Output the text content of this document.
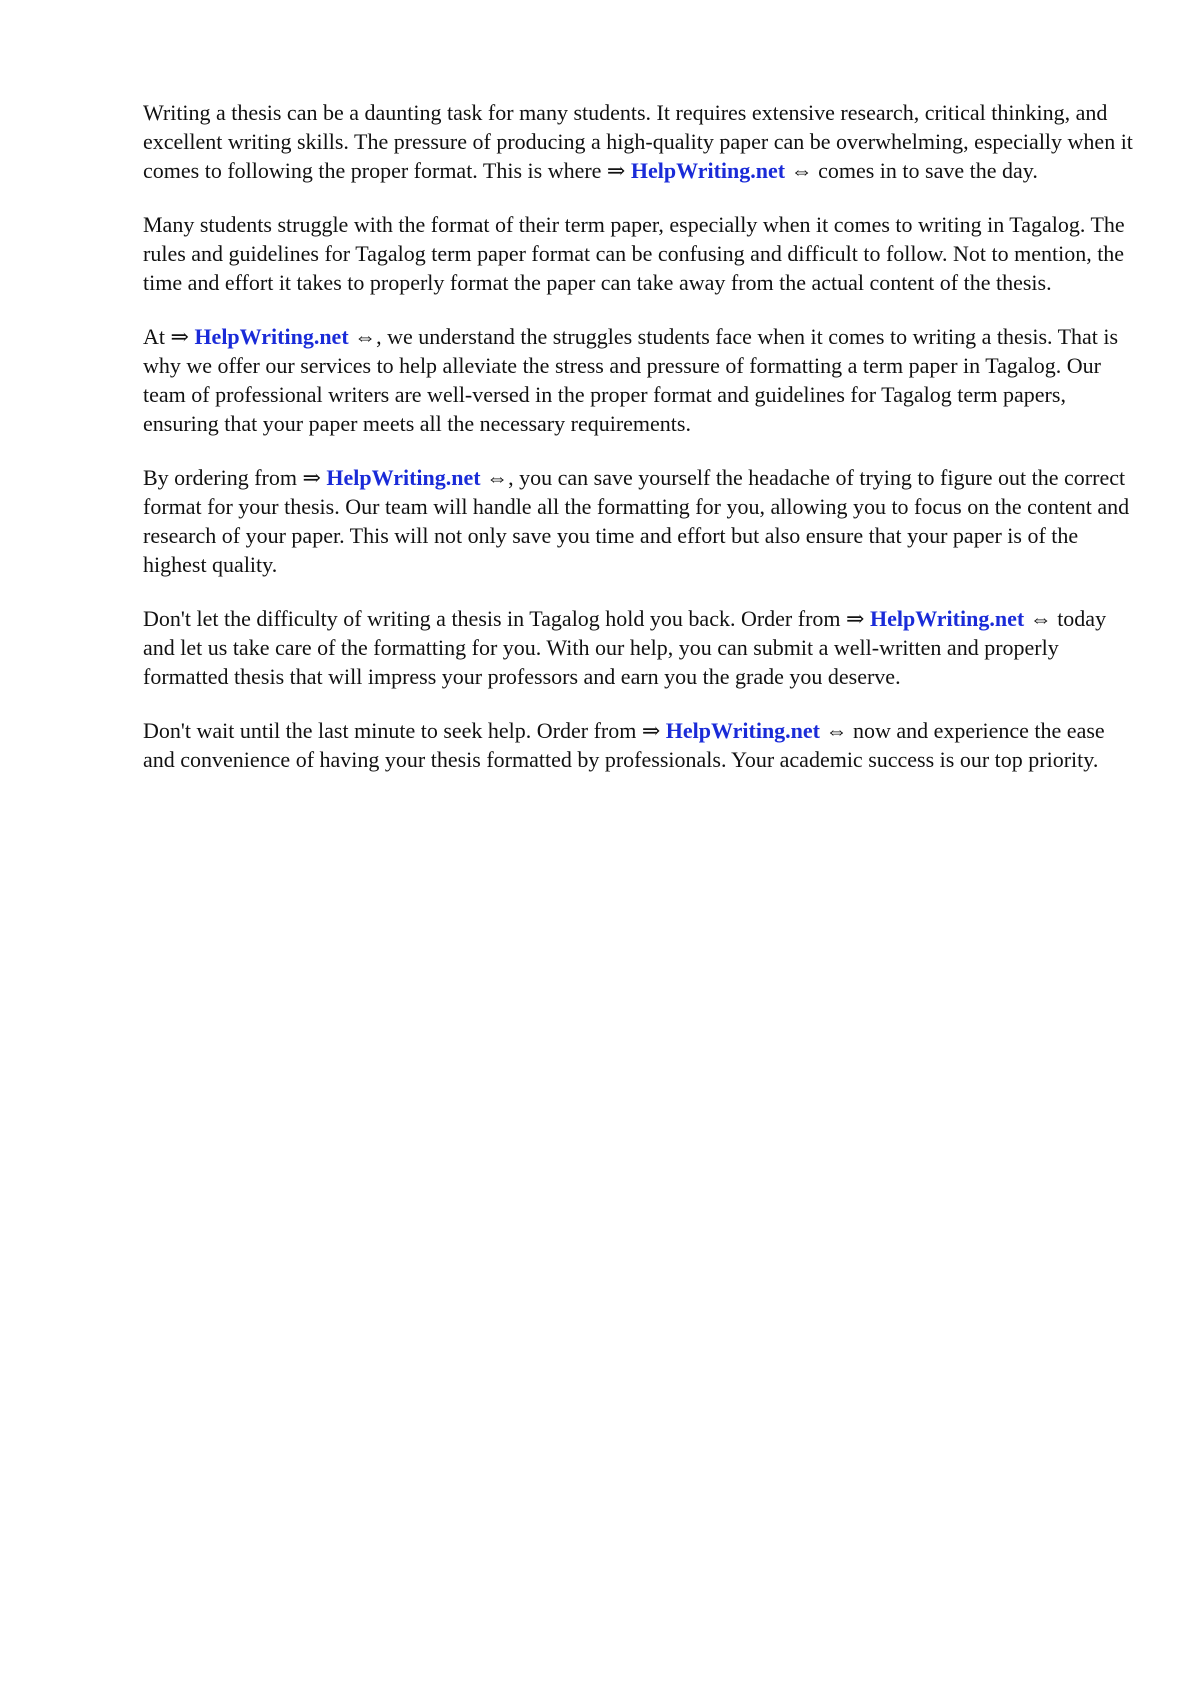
Writing a thesis can be a daunting task for many students. It requires extensive research, critical thinking, and excellent writing skills. The pressure of producing a high-quality paper can be overwhelming, especially when it comes to following the proper format. This is where ⇒ HelpWriting.net ⇔ comes in to save the day.

Many students struggle with the format of their term paper, especially when it comes to writing in Tagalog. The rules and guidelines for Tagalog term paper format can be confusing and difficult to follow. Not to mention, the time and effort it takes to properly format the paper can take away from the actual content of the thesis.

At ⇒ HelpWriting.net ⇔, we understand the struggles students face when it comes to writing a thesis. That is why we offer our services to help alleviate the stress and pressure of formatting a term paper in Tagalog. Our team of professional writers are well-versed in the proper format and guidelines for Tagalog term papers, ensuring that your paper meets all the necessary requirements.

By ordering from ⇒ HelpWriting.net ⇔, you can save yourself the headache of trying to figure out the correct format for your thesis. Our team will handle all the formatting for you, allowing you to focus on the content and research of your paper. This will not only save you time and effort but also ensure that your paper is of the highest quality.

Don't let the difficulty of writing a thesis in Tagalog hold you back. Order from ⇒ HelpWriting.net ⇔ today and let us take care of the formatting for you. With our help, you can submit a well-written and properly formatted thesis that will impress your professors and earn you the grade you deserve.

Don't wait until the last minute to seek help. Order from ⇒ HelpWriting.net ⇔ now and experience the ease and convenience of having your thesis formatted by professionals. Your academic success is our top priority.
